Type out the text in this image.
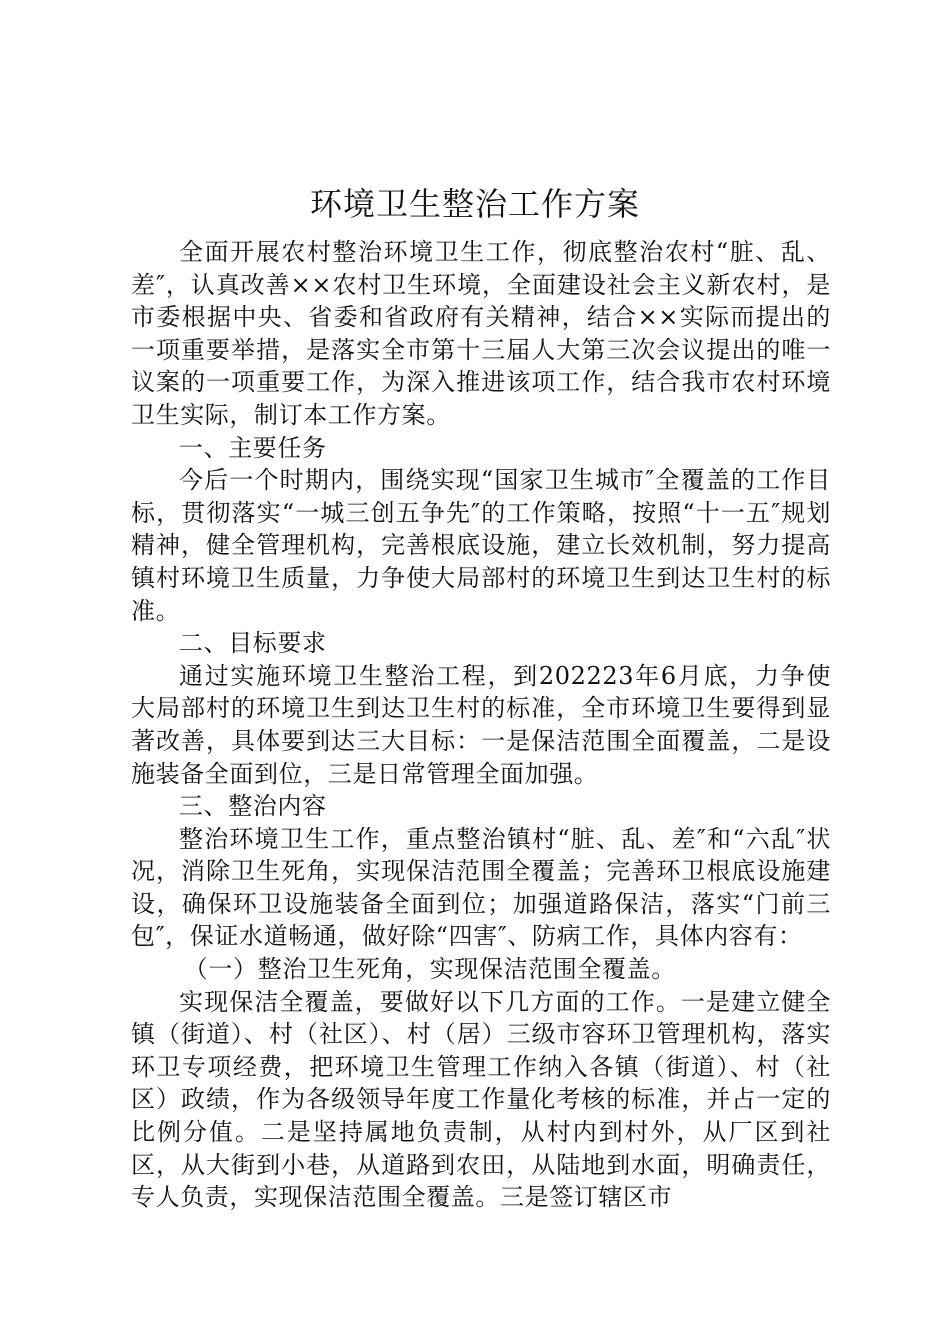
环境卫生整治工作方案

全面开展农村整治环境卫生工作，彻底整治农村“脏、乱、差″，认真改善××农村卫生环境，全面建设社会主义新农村，是市委根据中央、省委和省政府有关精神，结合××实际而提出的一项重要举措，是落实全市第十三届人大第三次会议提出的唯一议案的一项重要工作，为深入推进该项工作，结合我市农村环境卫生实际，制订本工作方案。

一、主要任务

今后一个时期内，围绕实现“国家卫生城市″全覆盖的工作目标，贯彻落实“一城三创五争先″的工作策略，按照“十一五″规划精神，健全管理机构，完善根底设施，建立长效机制，努力提高镇村环境卫生质量，力争使大局部村的环境卫生到达卫生村的标准。

二、目标要求

通过实施环境卫生整治工程，到202223年6月底，力争使大局部村的环境卫生到达卫生村的标准，全市环境卫生要得到显著改善，具体要到达三大目标：一是保洁范围全面覆盖，二是设施装备全面到位，三是日常管理全面加强。

三、整治内容

整治环境卫生工作，重点整治镇村“脏、乱、差″和“六乱″状况，消除卫生死角，实现保洁范围全覆盖；完善环卫根底设施建设，确保环卫设施装备全面到位；加强道路保洁，落实“门前三包″，保证水道畅通，做好除“四害″、防病工作，具体内容有：

（一）整治卫生死角，实现保洁范围全覆盖。

实现保洁全覆盖，要做好以下几方面的工作。一是建立健全镇（街道）、村（社区）、村（居）三级市容环卫管理机构，落实环卫专项经费，把环境卫生管理工作纳入各镇（街道）、村（社区）政绩，作为各级领导年度工作量化考核的标准，并占一定的比例分值。二是坚持属地负责制，从村内到村外，从厂区到社区，从大街到小巷，从道路到农田，从陆地到水面，明确责任，专人负责，实现保洁范围全覆盖。三是签订辖区市
